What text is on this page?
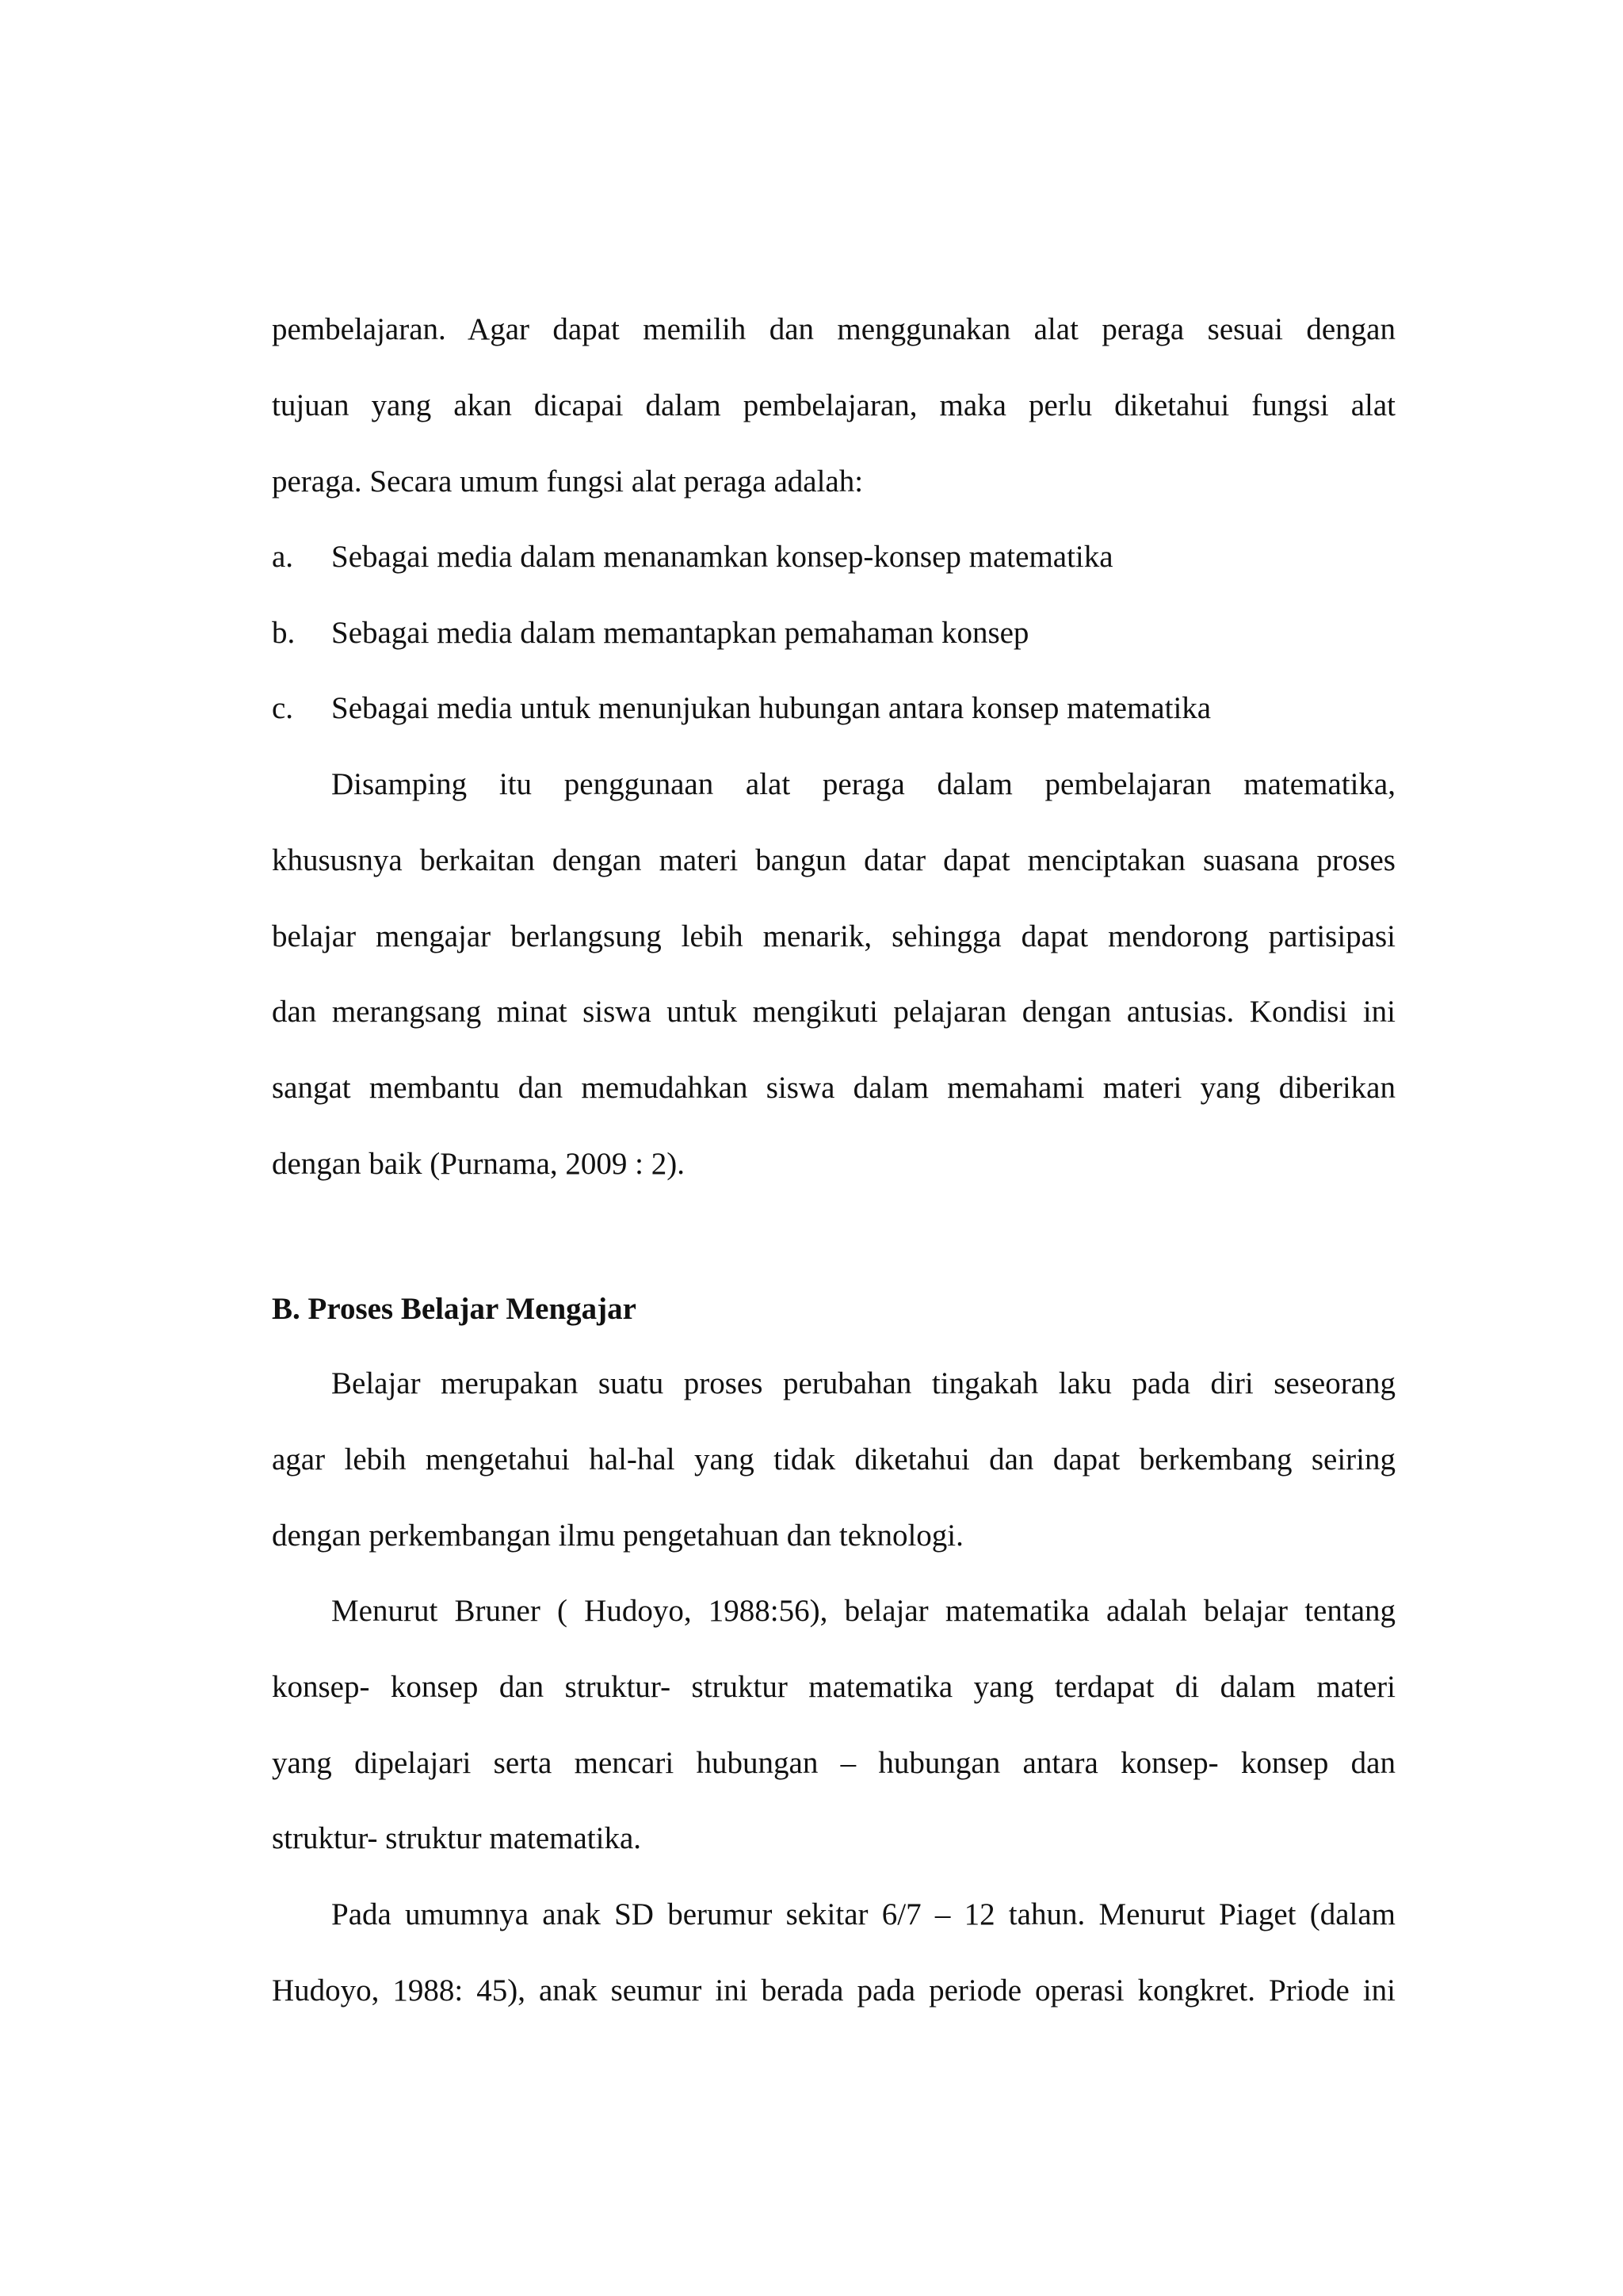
pembelajaran. Agar dapat memilih dan menggunakan alat peraga sesuai dengan
tujuan yang akan dicapai dalam pembelajaran, maka perlu diketahui fungsi alat
peraga. Secara umum fungsi alat peraga adalah:
a. Sebagai media dalam menanamkan konsep-konsep matematika
b. Sebagai media dalam memantapkan pemahaman konsep
c. Sebagai media untuk menunjukan hubungan antara konsep matematika
Disamping itu penggunaan alat peraga dalam pembelajaran matematika,
khususnya berkaitan dengan materi bangun datar dapat menciptakan suasana proses
belajar mengajar berlangsung lebih menarik, sehingga dapat mendorong partisipasi
dan merangsang minat siswa untuk mengikuti pelajaran dengan antusias. Kondisi ini
sangat membantu dan memudahkan siswa dalam memahami materi yang diberikan
dengan baik (Purnama, 2009 : 2).
B. Proses Belajar Mengajar
Belajar merupakan suatu proses perubahan tingakah laku pada diri seseorang
agar lebih mengetahui hal-hal yang tidak diketahui dan dapat berkembang seiring
dengan perkembangan ilmu pengetahuan dan teknologi.
Menurut Bruner ( Hudoyo, 1988:56), belajar matematika adalah belajar tentang
konsep- konsep dan struktur- struktur matematika yang terdapat di dalam materi
yang dipelajari serta mencari hubungan – hubungan antara konsep- konsep dan
struktur- struktur matematika.
Pada umumnya anak SD berumur sekitar 6/7 – 12 tahun. Menurut Piaget (dalam
Hudoyo, 1988: 45), anak seumur ini berada pada periode operasi kongkret. Priode ini
